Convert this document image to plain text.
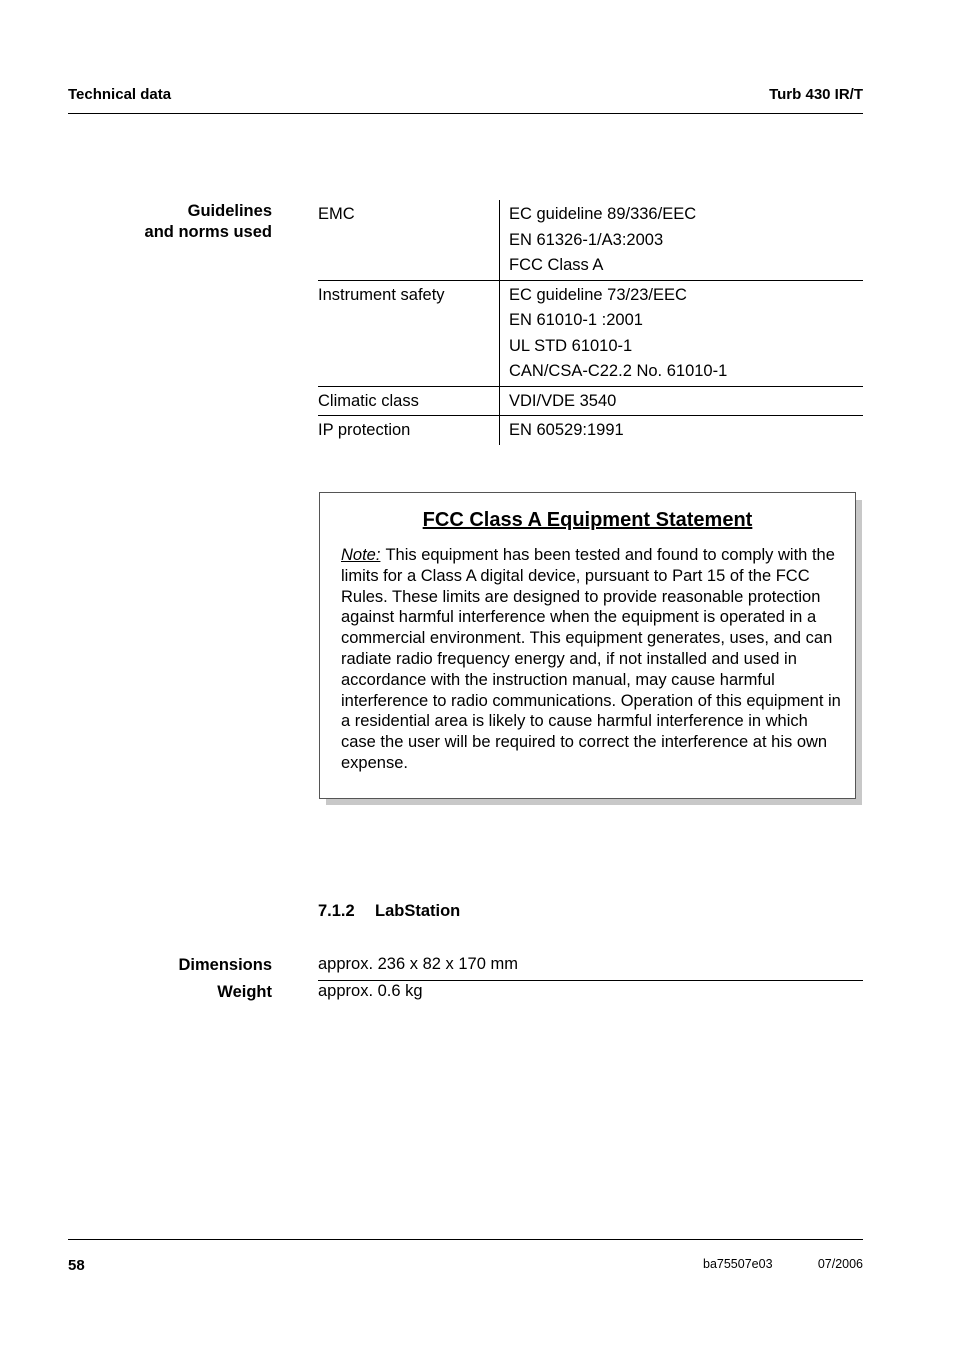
Technical data	Turb 430 IR/T
Guidelines
and norms used
EMC	EC guideline 89/336/EEC
EN 61326-1/A3:2003
FCC Class A
Instrument safety	EC guideline 73/23/EEC
EN 61010-1 :2001
UL STD 61010-1
CAN/CSA-C22.2 No. 61010-1
Climatic class	VDI/VDE 3540
IP protection	EN 60529:1991
FCC Class A Equipment Statement
Note: This equipment has been tested and found to comply with the limits for a Class A digital device, pursuant to Part 15 of the FCC Rules. These limits are designed to provide reasonable protection against harmful interference when the equipment is operated in a commercial environment. This equipment generates, uses, and can radiate radio frequency energy and, if not installed and used in accordance with the instruction manual, may cause harmful interference to radio communications. Operation of this equipment in a residential area is likely to cause harmful interference in which case the user will be required to correct the interference at his own expense.
7.1.2 LabStation
Dimensions	approx. 236 x 82 x 170 mm
Weight	approx. 0.6 kg
58	ba75507e03	07/2006
